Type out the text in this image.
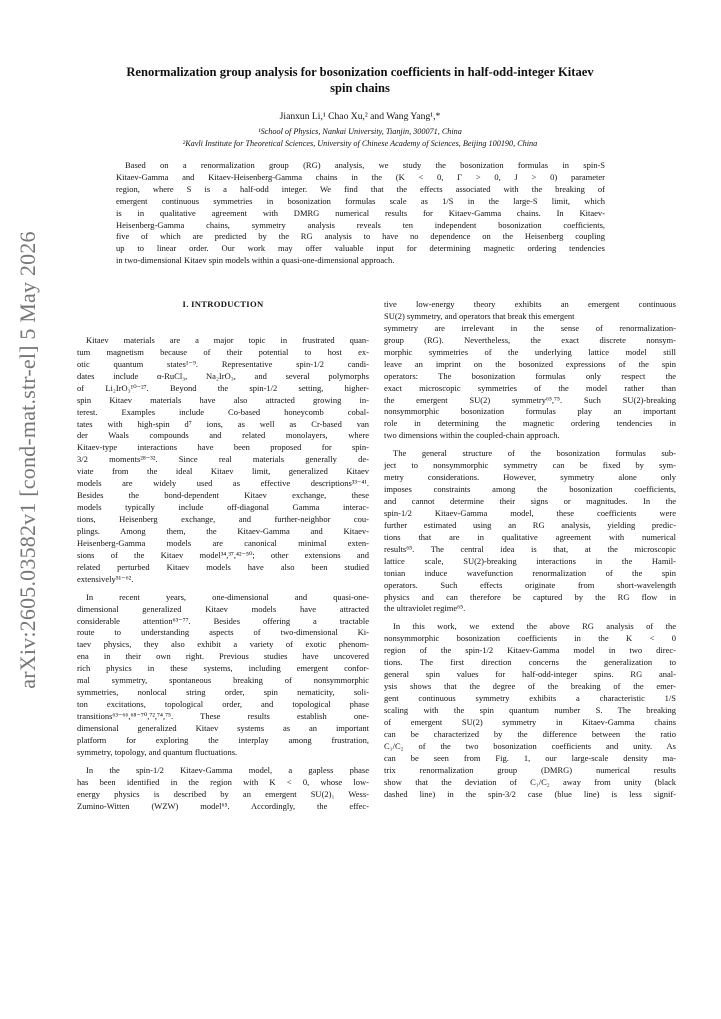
arXiv:2605.03582v1 [cond-mat.str-el] 5 May 2026
Renormalization group analysis for bosonization coefficients in half-odd-integer Kitaev
spin chains
Jianxun Li,¹ Chao Xu,² and Wang Yang¹,*
¹School of Physics, Nankai University, Tianjin, 300071, China
²Kavli Institute for Theoretical Sciences, University of Chinese Academy of Sciences, Beijing 100190, China
Based on a renormalization group (RG) analysis, we study the bosonization formulas in spin-S
Kitaev-Gamma and Kitaev-Heisenberg-Gamma chains in the (K < 0, Γ > 0, J > 0) parameter
region, where S is a half-odd integer. We find that the effects associated with the breaking of
emergent continuous symmetries in bosonization formulas scale as 1/S in the large-S limit, which
is in qualitative agreement with DMRG numerical results for Kitaev-Gamma chains. In Kitaev-
Heisenberg-Gamma chains, symmetry analysis reveals ten independent bosonization coefficients,
five of which are predicted by the RG analysis to have no dependence on the Heisenberg coupling
up to linear order. Our work may offer valuable input for determining magnetic ordering tendencies
in two-dimensional Kitaev spin models within a quasi-one-dimensional approach.
I. INTRODUCTION
Kitaev materials are a major topic in frustrated quan-
tum magnetism because of their potential to host ex-
otic quantum states¹⁻⁹. Representative spin-1/2 candi-
dates include α-RuCl₃, Na₂IrO₃, and several polymorphs
of Li₂IrO₃¹⁰⁻²⁷. Beyond the spin-1/2 setting, higher-
spin Kitaev materials have also attracted growing in-
terest. Examples include Co-based honeycomb cobal-
tates with high-spin d⁷ ions, as well as Cr-based van
der Waals compounds and related monolayers, where
Kitaev-type interactions have been proposed for spin-
3/2 moments²⁸⁻³². Since real materials generally de-
viate from the ideal Kitaev limit, generalized Kitaev
models are widely used as effective descriptions³³⁻⁴¹.
Besides the bond-dependent Kitaev exchange, these
models typically include off-diagonal Gamma interac-
tions, Heisenberg exchange, and further-neighbor cou-
plings. Among them, the Kitaev-Gamma and Kitaev-
Heisenberg-Gamma models are canonical minimal exten-
sions of the Kitaev model³⁴,³⁷,⁴²⁻⁵⁰; other extensions and
related perturbed Kitaev models have also been studied
extensively⁵¹⁻⁶².
In recent years, one-dimensional and quasi-one-
dimensional generalized Kitaev models have attracted
considerable attention⁶³⁻⁷⁷. Besides offering a tractable
route to understanding aspects of two-dimensional Ki-
taev physics, they also exhibit a variety of exotic phenom-
ena in their own right. Previous studies have uncovered
rich physics in these systems, including emergent confor-
mal symmetry, spontaneous breaking of nonsymmorphic
symmetries, nonlocal string order, spin nematicity, soli-
ton excitations, topological order, and topological phase
transitions⁶³⁻⁶⁶,⁶⁸⁻⁷⁰,⁷²,⁷⁴,⁷⁵. These results establish one-
dimensional generalized Kitaev systems as an important
platform for exploring the interplay among frustration,
symmetry, topology, and quantum fluctuations.
In the spin-1/2 Kitaev-Gamma model, a gapless phase
has been identified in the region with K < 0, whose low-
energy physics is described by an emergent SU(2)₁ Wess-
Zumino-Witten (WZW) model⁶⁵. Accordingly, the effec-
tive low-energy theory exhibits an emergent continuous
SU(2) symmetry, and operators that break this emergent
symmetry are irrelevant in the sense of renormalization-
group (RG). Nevertheless, the exact discrete nonsym-
morphic symmetries of the underlying lattice model still
leave an imprint on the bosonized expressions of the spin
operators: The bosonization formulas only respect the
exact microscopic symmetries of the model rather than
the emergent SU(2) symmetry⁶⁵,⁷⁵. Such SU(2)-breaking
nonsymmorphic bosonization formulas play an important
role in determining the magnetic ordering tendencies in
two dimensions within the coupled-chain approach.
The general structure of the bosonization formulas sub-
ject to nonsymmorphic symmetry can be fixed by sym-
metry considerations. However, symmetry alone only
imposes constraints among the bosonization coefficients,
and cannot determine their signs or magnitudes. In the
spin-1/2 Kitaev-Gamma model, these coefficients were
further estimated using an RG analysis, yielding predic-
tions that are in qualitative agreement with numerical
results⁶⁵. The central idea is that, at the microscopic
lattice scale, SU(2)-breaking interactions in the Hamil-
tonian induce wavefunction renormalization of the spin
operators. Such effects originate from short-wavelength
physics and can therefore be captured by the RG flow in
the ultraviolet regime⁶⁵.
In this work, we extend the above RG analysis of the
nonsymmorphic bosonization coefficients in the K < 0
region of the spin-1/2 Kitaev-Gamma model in two direc-
tions. The first direction concerns the generalization to
general spin values for half-odd-integer spins. RG anal-
ysis shows that the degree of the breaking of the emer-
gent continuous symmetry exhibits a characteristic 1/S
scaling with the spin quantum number S. The breaking
of emergent SU(2) symmetry in Kitaev-Gamma chains
can be characterized by the difference between the ratio
C₁/C₂ of the two bosonization coefficients and unity. As
can be seen from Fig. 1, our large-scale density ma-
trix renormalization group (DMRG) numerical results
show that the deviation of C₁/C₂ away from unity (black
dashed line) in the spin-3/2 case (blue line) is less signif-
